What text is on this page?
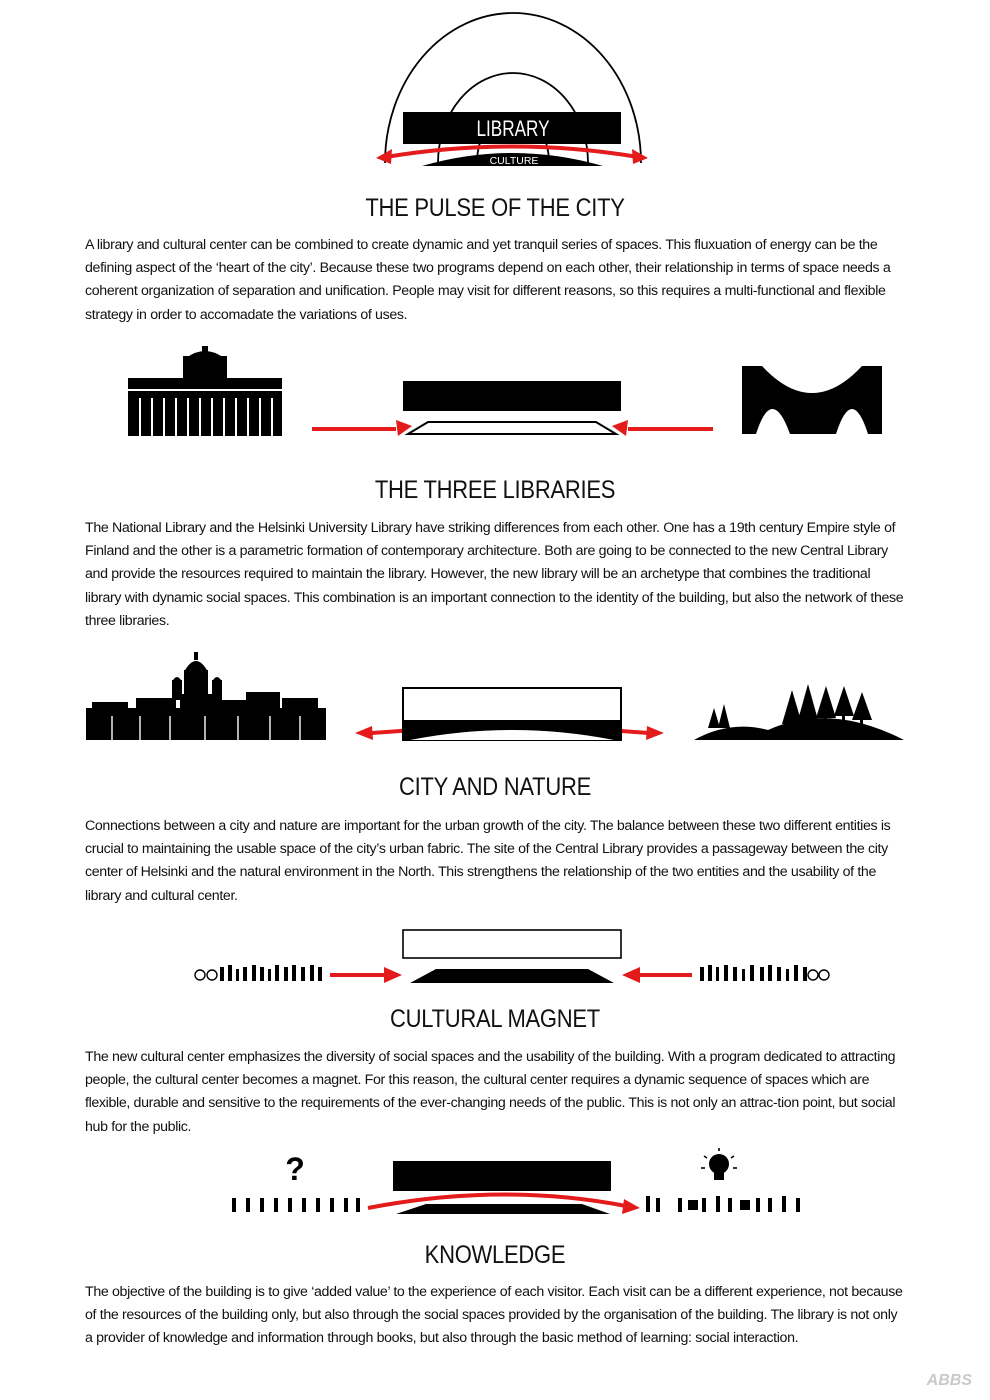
LIBRARY
CULTURE
THE PULSE OF THE CITY
A library and cultural center can be combined to create dynamic and yet tranquil series of spaces. This fluxuation of energy can be the defining aspect of the ‘heart of the city’. Because these two programs depend on each other, their relationship in terms of space needs a coherent organization of separation and unification. People may visit for different reasons, so this requires a multi-functional and flexible strategy in order to accomadate the variations of uses.
THE THREE LIBRARIES
The National Library and the Helsinki University Library have striking differences from each other. One has a 19th century Empire style of Finland and the other is a parametric formation of contemporary architecture. Both are going to be connected to the new Central Library and provide the resources required to maintain the library. However, the new library will be an archetype that combines the traditional library with dynamic social spaces. This combination is an important connection to the identity of the building, but also the network of these three libraries.
CITY AND NATURE
Connections between a city and nature are important for the urban growth of the city. The balance between these two different entities is crucial to maintaining the usable space of the city’s urban fabric. The site of the Central Library provides a passageway between the city center of Helsinki and the natural environment in the North. This strengthens the relationship of the two entities and the usability of the library and cultural center.
CULTURAL MAGNET
The new cultural center emphasizes the diversity of social spaces and the usability of the building. With a program dedicated to attracting people, the cultural center becomes a magnet. For this reason, the cultural center requires a dynamic sequence of spaces which are flexible, durable and sensitive to the requirements of the ever-changing needs of the public. This is not only an attrac-tion point, but social hub for the public.
?
KNOWLEDGE
The objective of the building is to give ‘added value’ to the experience of each visitor. Each visit can be a different experience, not because of the resources of the building only, but also through the social spaces provided by the organisation of the building. The library is not only a provider of knowledge and information through books, but also through the basic method of learning: social interaction.
ABBS
